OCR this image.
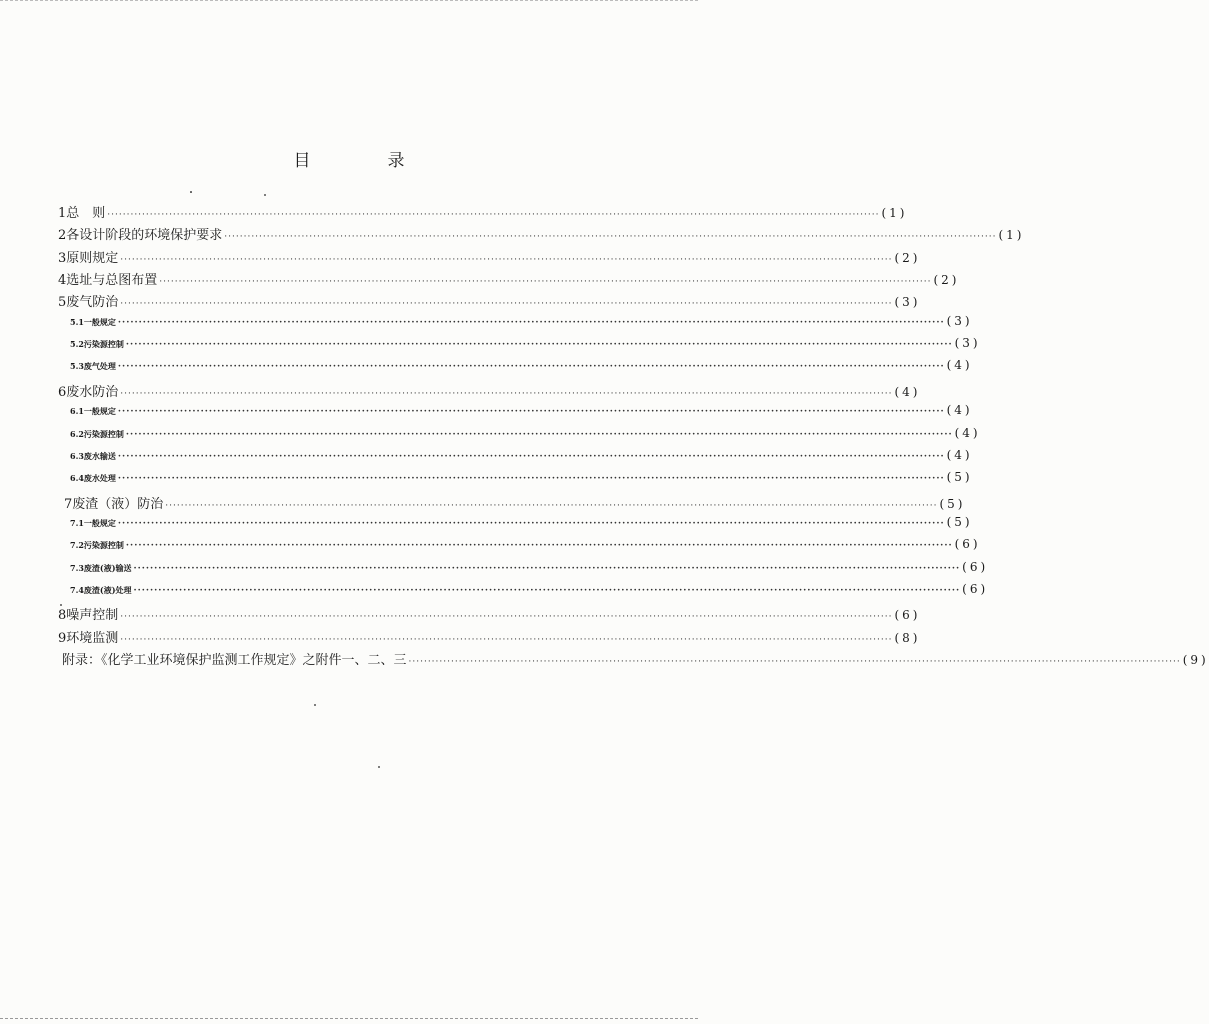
目　录
1 总　则 ········································································································································································································ (1)
2 各设计阶段的环境保护要求 ········································································································································································································ (1)
3 原则规定 ········································································································································································································ (2)
4 选址与总图布置 ········································································································································································································ (2)
5 废气防治 ········································································································································································································ (3)
5.1 一般规定 ········································································································································································································ (3)
5.2 污染源控制 ········································································································································································································ (3)
5.3 废气处理 ········································································································································································································ (4)
6 废水防治 ········································································································································································································ (4)
6.1 一般规定 ········································································································································································································ (4)
6.2 污染源控制 ········································································································································································································ (4)
6.3 废水输送 ········································································································································································································ (4)
6.4 废水处理 ········································································································································································································ (5)
7 废渣（液）防治 ········································································································································································································ (5)
7.1 一般规定 ········································································································································································································ (5)
7.2 污染源控制 ········································································································································································································ (6)
7.3 废渣(液)输送 ········································································································································································································ (6)
7.4 废渣(液)处理 ········································································································································································································ (6)
8 噪声控制 ········································································································································································································ (6)
9 环境监测 ········································································································································································································ (8)
附录：《化学工业环境保护监测工作规定》之附件一、二、三 ········································································································································································································ (9)
